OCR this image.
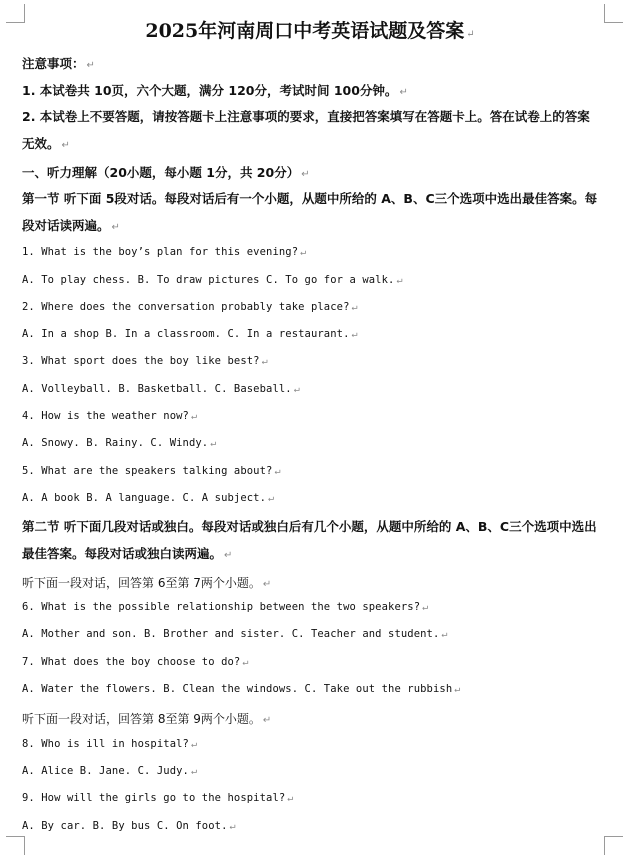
2025年河南周口中考英语试题及答案 ↵
注意事项： ↵
1. 本试卷共 10页，六个大题，满分 120分，考试时间 100分钟。 ↵
2. 本试卷上不要答题，请按答题卡上注意事项的要求，直接把答案填写在答题卡上。答在试卷上的答案无效。 ↵
一、听力理解（20小题，每小题 1分，共 20分） ↵
第一节 听下面 5段对话。每段对话后有一个小题，从题中所给的 A、B、C三个选项中选出最佳答案。每段对话读两遍。 ↵
1. What is the boy’s plan for this evening? ↵
A. To play chess. B. To draw pictures C. To go for a walk. ↵
2. Where does the conversation probably take place? ↵
A. In a shop B. In a classroom. C. In a restaurant. ↵
3. What sport does the boy like best? ↵
A. Volleyball. B. Basketball. C. Baseball. ↵
4. How is the weather now? ↵
A. Snowy. B. Rainy. C. Windy. ↵
5. What are the speakers talking about? ↵
A. A book B. A language. C. A subject. ↵
第二节 听下面几段对话或独白。每段对话或独白后有几个小题，从题中所给的 A、B、C三个选项中选出最佳答案。每段对话或独白读两遍。 ↵
听下面一段对话，回答第 6至第 7两个小题。 ↵
6. What is the possible relationship between the two speakers? ↵
A. Mother and son. B. Brother and sister. C. Teacher and student. ↵
7. What does the boy choose to do? ↵
A. Water the flowers. B. Clean the windows. C. Take out the rubbish ↵
听下面一段对话，回答第 8至第 9两个小题。 ↵
8. Who is ill in hospital? ↵
A. Alice B. Jane. C. Judy. ↵
9. How will the girls go to the hospital? ↵
A. By car. B. By bus C. On foot. ↵
